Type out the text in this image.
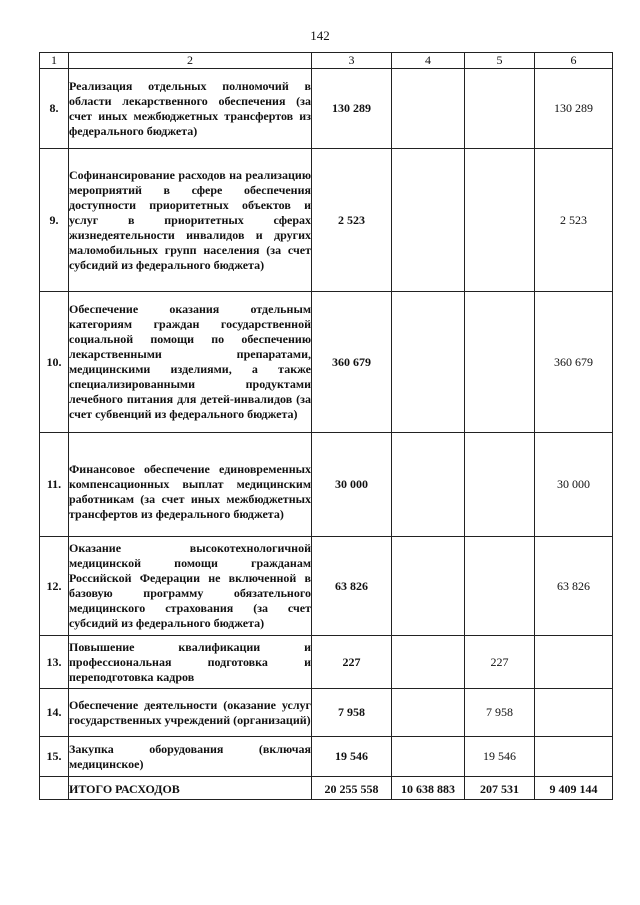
142
1	2	3	4	5	6
8.	Реализация отдельных полномочий в области лекарственного обеспечения (за счет иных межбюджетных трансфертов из федерального бюджета)	130 289			130 289
9.	Софинансирование расходов на реализацию мероприятий в сфере обеспечения доступности приоритетных объектов и услуг в приоритетных сферах жизнедеятельности инвалидов и других маломобильных групп населения (за счет субсидий из федерального бюджета)	2 523			2 523
10.	Обеспечение оказания отдельным категориям граждан государственной социальной помощи по обеспечению лекарственными препаратами, медицинскими изделиями, а также специализированными продуктами лечебного питания для детей-инвалидов (за счет субвенций из федерального бюджета)	360 679			360 679
11.	Финансовое обеспечение единовременных компенсационных выплат медицинским работникам (за счет иных межбюджетных трансфертов из федерального бюджета)	30 000			30 000
12.	Оказание высокотехнологичной медицинской помощи гражданам Российской Федерации не включенной в базовую программу обязательного медицинского страхования (за счет субсидий из федерального бюджета)	63 826			63 826
13.	Повышение квалификации и профессиональная подготовка и переподготовка кадров	227		227	
14.	Обеспечение деятельности (оказание услуг государственных учреждений (организаций)	7 958		7 958	
15.	Закупка оборудования (включая медицинское)	19 546		19 546	
	ИТОГО РАСХОДОВ	20 255 558	10 638 883	207 531	9 409 144
